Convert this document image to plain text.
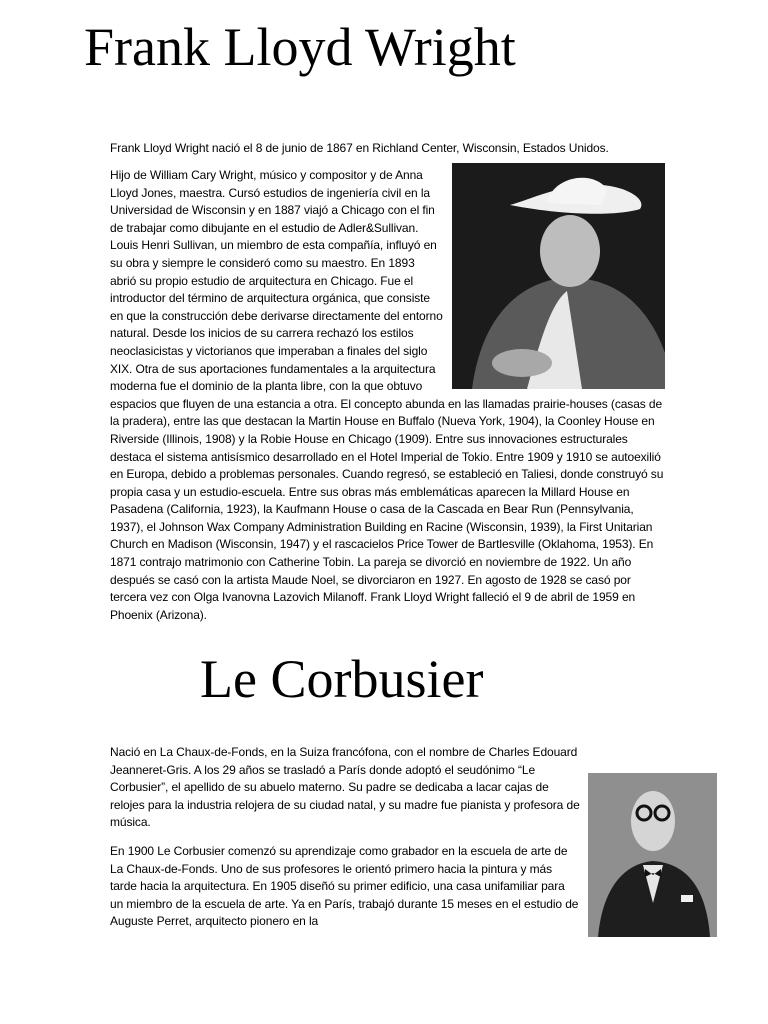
Frank Lloyd Wright

Frank Lloyd Wright nació el 8 de junio de 1867 en Richland Center, Wisconsin, Estados Unidos.

Hijo de William Cary Wright, músico y compositor y de Anna Lloyd Jones, maestra. Cursó estudios de ingeniería civil en la Universidad de Wisconsin y en 1887 viajó a Chicago con el fin de trabajar como dibujante en el estudio de Adler&Sullivan. Louis Henri Sullivan, un miembro de esta compañía, influyó en su obra y siempre le consideró como su maestro. En 1893 abrió su propio estudio de arquitectura en Chicago. Fue el introductor del término de arquitectura orgánica, que consiste en que la construcción debe derivarse directamente del entorno natural. Desde los inicios de su carrera rechazó los estilos neoclasicistas y victorianos que imperaban a finales del siglo XIX. Otra de sus aportaciones fundamentales a la arquitectura moderna fue el dominio de la planta libre, con la que obtuvo espacios que fluyen de una estancia a otra. El concepto abunda en las llamadas prairie-houses (casas de la pradera), entre las que destacan la Martin House en Buffalo (Nueva York, 1904), la Coonley House en Riverside (Illinois, 1908) y la Robie House en Chicago (1909). Entre sus innovaciones estructurales destaca el sistema antisísmico desarrollado en el Hotel Imperial de Tokio. Entre 1909 y 1910 se autoexilió en Europa, debido a problemas personales. Cuando regresó, se estableció en Taliesi, donde construyó su propia casa y un estudio-escuela. Entre sus obras más emblemáticas aparecen la Millard House en Pasadena (California, 1923), la Kaufmann House o casa de la Cascada en Bear Run (Pennsylvania, 1937), el Johnson Wax Company Administration Building en Racine (Wisconsin, 1939), la First Unitarian Church en Madison (Wisconsin, 1947) y el rascacielos Price Tower de Bartlesville (Oklahoma, 1953). En 1871 contrajo matrimonio con Catherine Tobin. La pareja se divorció en noviembre de 1922. Un año después se casó con la artista Maude Noel, se divorciaron en 1927. En agosto de 1928 se casó por tercera vez con Olga Ivanovna Lazovich Milanoff. Frank Lloyd Wright falleció el 9 de abril de 1959 en Phoenix (Arizona).
Le Corbusier

Nació en La Chaux-de-Fonds, en la Suiza francófona, con el nombre de Charles Edouard Jeanneret-Gris. A los 29 años se trasladó a París donde adoptó el seudónimo “Le Corbusier”, el apellido de su abuelo materno. Su padre se dedicaba a lacar cajas de relojes para la industria relojera de su ciudad natal, y su madre fue pianista y profesora de música.

En 1900 Le Corbusier comenzó su aprendizaje como grabador en la escuela de arte de La Chaux-de-Fonds. Uno de sus profesores le orientó primero hacia la pintura y más tarde hacia la arquitectura. En 1905 diseñó su primer edificio, una casa unifamiliar para un miembro de la escuela de arte. Ya en París, trabajó durante 15 meses en el estudio de Auguste Perret, arquitecto pionero en la
